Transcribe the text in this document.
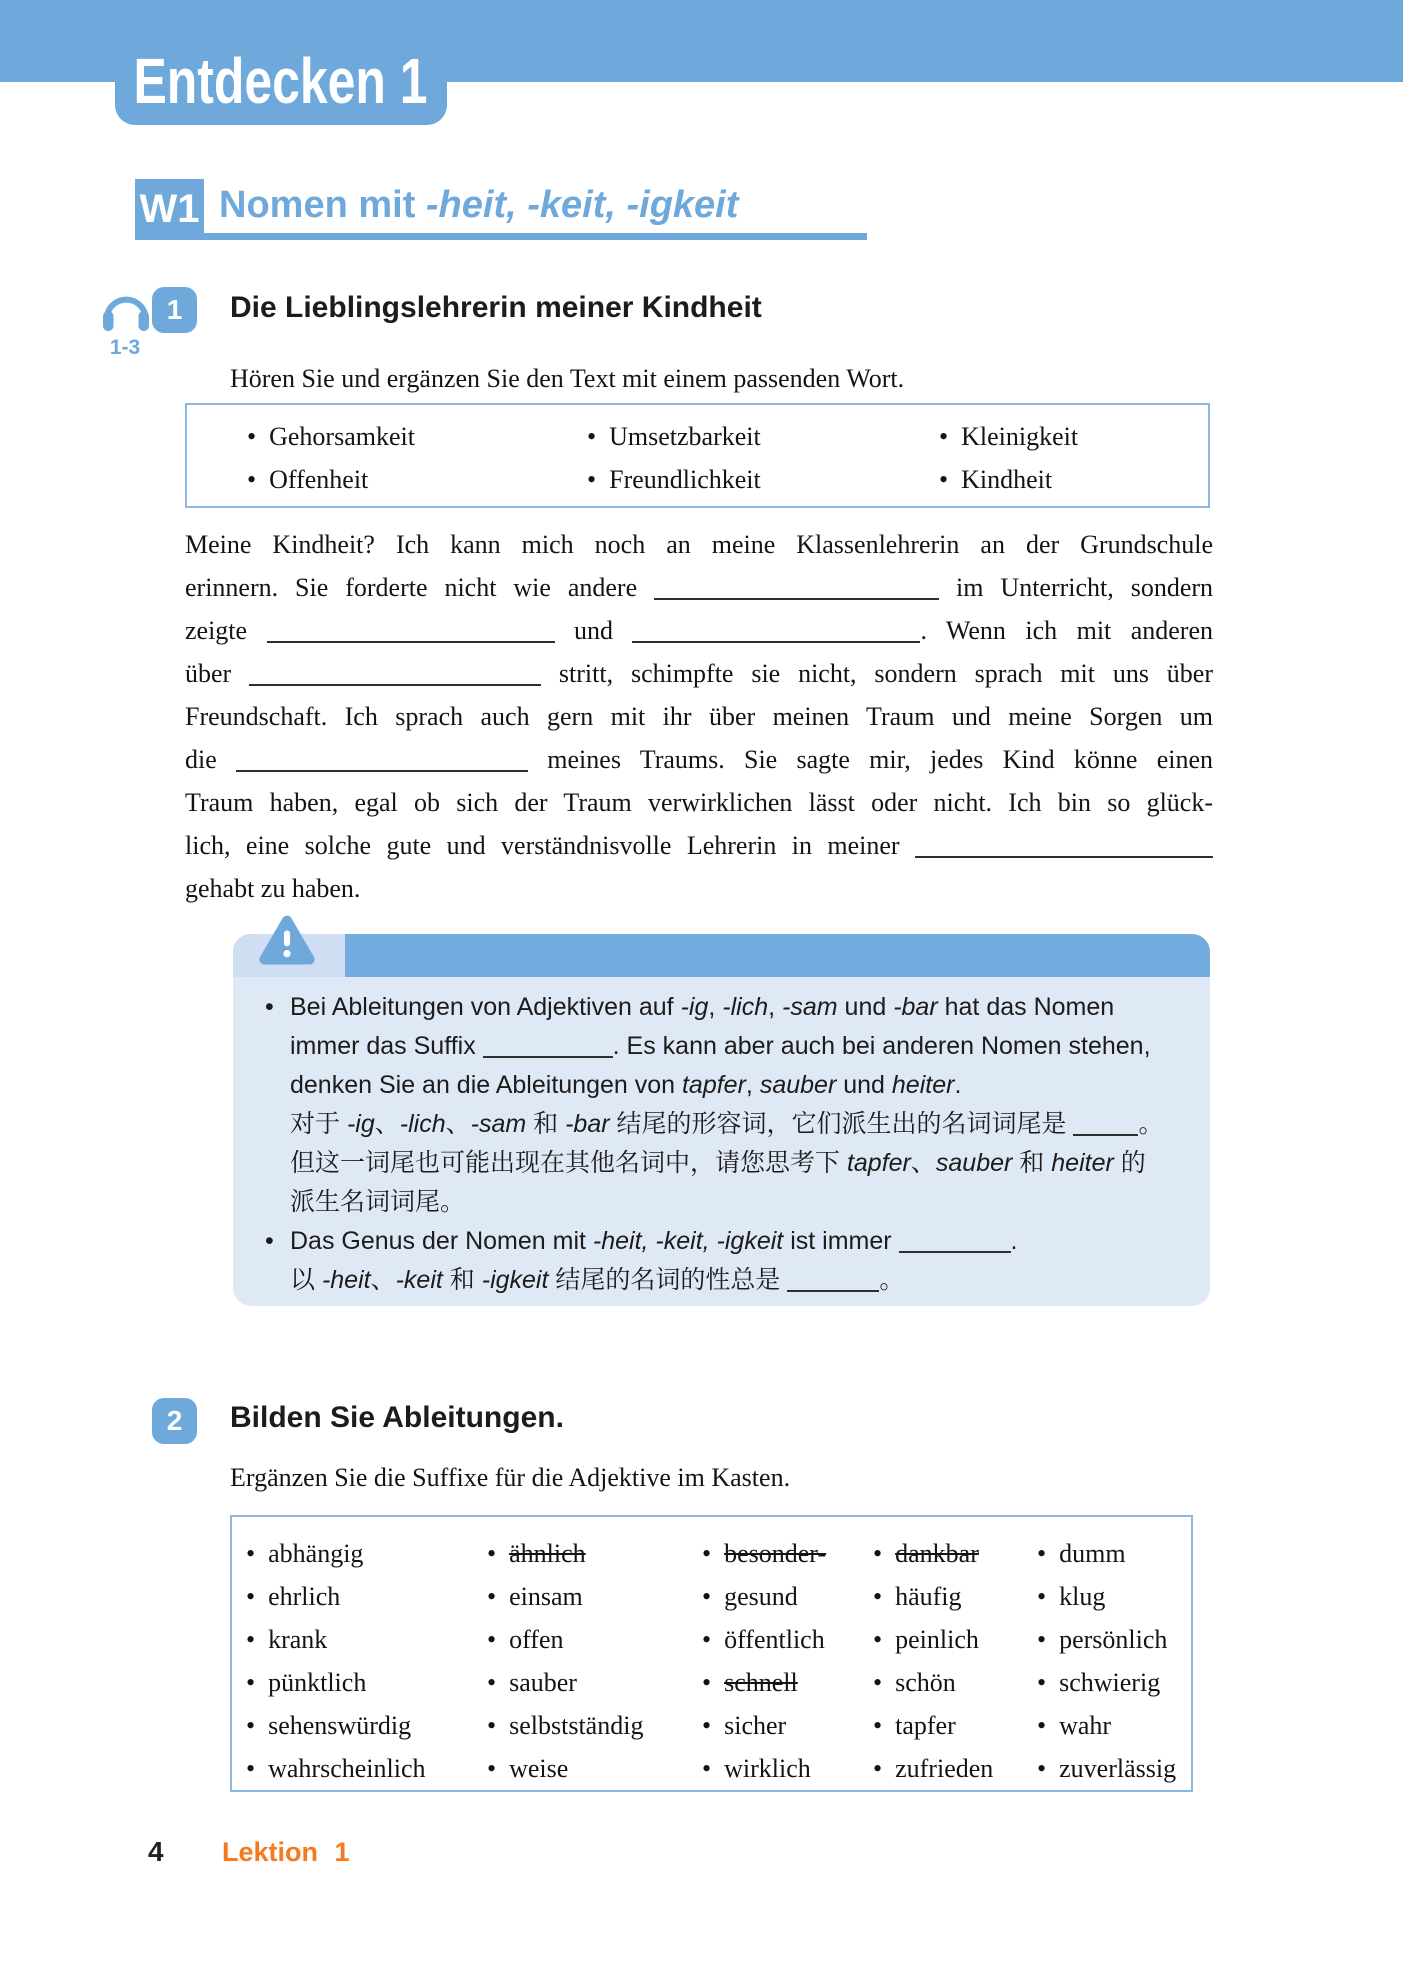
Entdecken 1
W1 Nomen mit -heit, -keit, -igkeit
1-3
1	Die Lieblingslehrerin meiner Kindheit
Hören Sie und ergänzen Sie den Text mit einem passenden Wort.
• Gehorsamkeit
• Offenheit
• Umsetzbarkeit
• Freundlichkeit
• Kleinigkeit
• Kindheit
Meine Kindheit? Ich kann mich noch an meine Klassenlehrerin an der Grundschule
erinnern. Sie forderte nicht wie andere	im Unterricht, sondern
zeigte	und	. Wenn ich mit anderen
über	stritt, schimpfte sie nicht, sondern sprach mit uns über
Freundschaft. Ich sprach auch gern mit ihr über meinen Traum und meine Sorgen um
die	meines Traums. Sie sagte mir, jedes Kind könne einen
Traum haben, egal ob sich der Traum verwirklichen lässt oder nicht. Ich bin so glück-
lich, eine solche gute und verständnisvolle Lehrerin in meiner
gehabt zu haben.
• Bei Ableitungen von Adjektiven auf -ig, -lich, -sam und -bar hat das Nomen
immer das Suffix	. Es kann aber auch bei anderen Nomen stehen,
denken Sie an die Ableitungen von tapfer, sauber und heiter.
对于 -ig、-lich、-sam 和 -bar 结尾的形容词，它们派生出的名词词尾是	。
但这一词尾也可能出现在其他名词中，请您思考下 tapfer、sauber 和 heiter 的
派生名词词尾。
• Das Genus der Nomen mit -heit, -keit, -igkeit ist immer	.
以 -heit、-keit 和 -igkeit 结尾的名词的性总是	。
2	Bilden Sie Ableitungen.
Ergänzen Sie die Suffixe für die Adjektive im Kasten.
• abhängig
• ehrlich
• krank
• pünktlich
• sehenswürdig
• wahrscheinlich
• ähnlich
• einsam
• offen
• sauber
• selbstständig
• weise
• besonder-
• gesund
• öffentlich
• schnell
• sicher
• wirklich
• dankbar
• häufig
• peinlich
• schön
• tapfer
• zufrieden
• dumm
• klug
• persönlich
• schwierig
• wahr
• zuverlässig
4 Lektion 1
